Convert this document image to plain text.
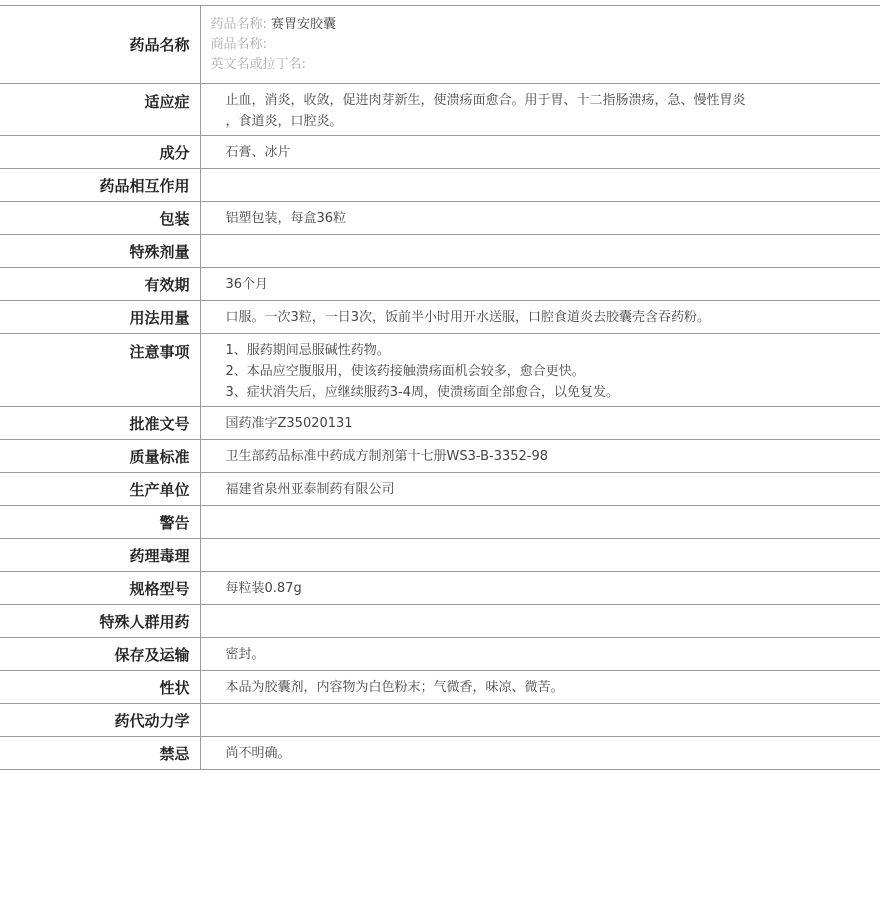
药品名称	药品名称: 赛胃安胶囊
商品名称:
英文名或拉丁名:

适应症	止血，消炎，收敛，促进肉芽新生，使溃疡面愈合。用于胃、十二指肠溃疡，急、慢性胃炎
，食道炎，口腔炎。

成分	石膏、冰片
药品相互作用	
包装	铝塑包装，每盒36粒
特殊剂量	
有效期	36个月
用法用量	口服。一次3粒，一日3次，饭前半小时用开水送服，口腔食道炎去胶囊壳含吞药粉。
注意事项	1、服药期间忌服碱性药物。
2、本品应空腹服用，使该药接触溃疡面机会较多，愈合更快。
3、症状消失后，应继续服药3-4周，使溃疡面全部愈合，以免复发。

批准文号	国药准字Z35020131
质量标准	卫生部药品标准中药成方制剂第十七册WS3-B-3352-98
生产单位	福建省泉州亚泰制药有限公司
警告	
药理毒理	
规格型号	每粒装0.87g
特殊人群用药	
保存及运输	密封。
性状	本品为胶囊剂，内容物为白色粉末；气微香，味凉、微苦。
药代动力学	
禁忌	尚不明确。
